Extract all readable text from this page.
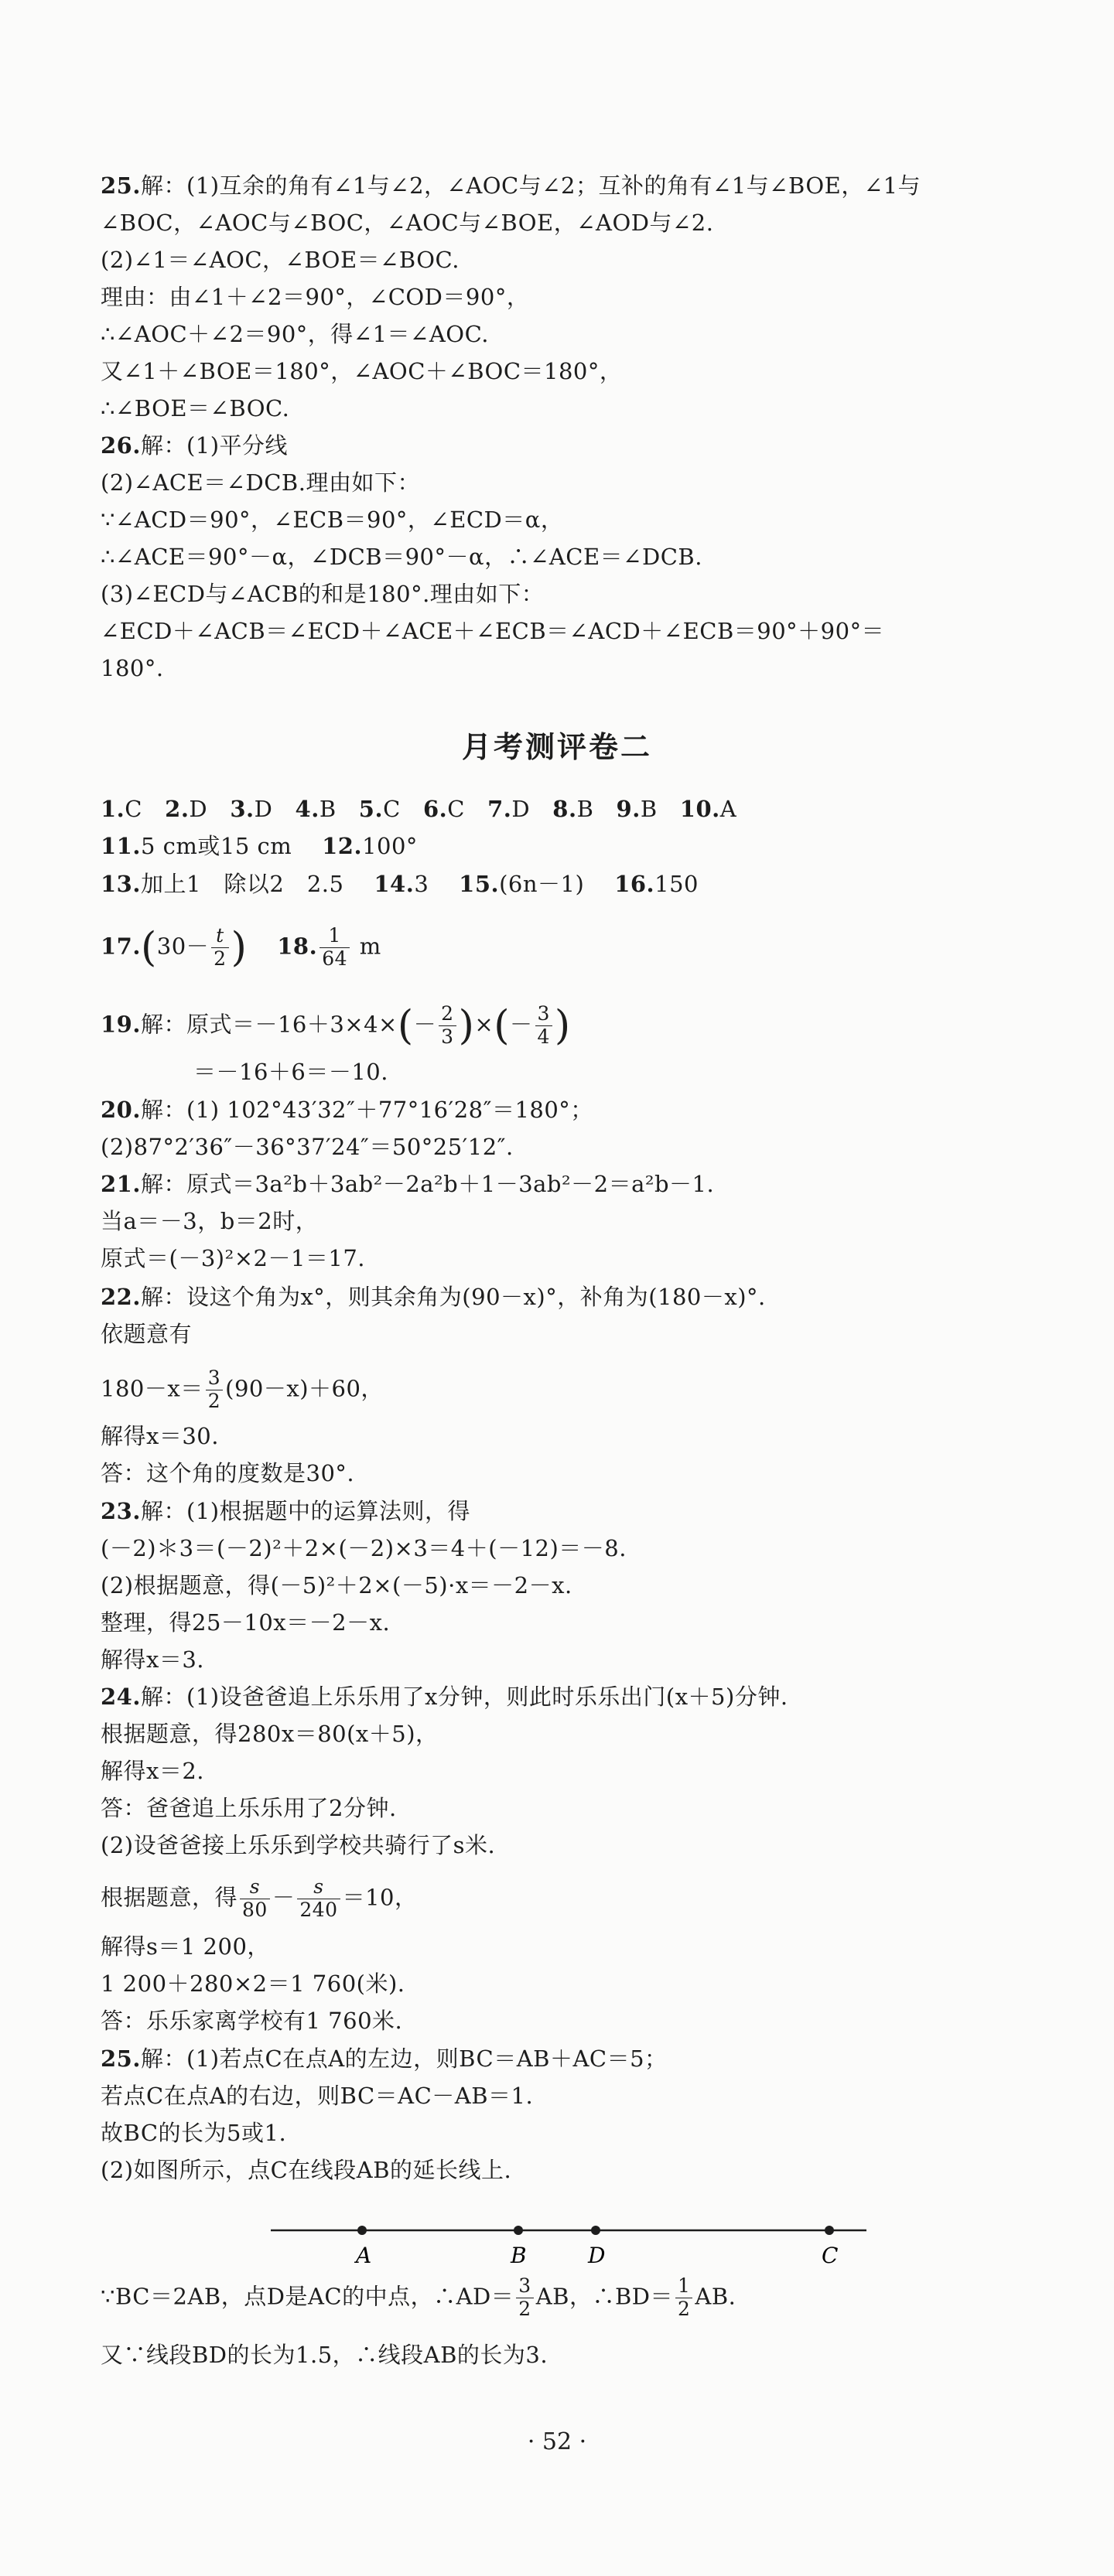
25.解：(1)互余的角有∠1与∠2，∠AOC与∠2；互补的角有∠1与∠BOE，∠1与
∠BOC，∠AOC与∠BOC，∠AOC与∠BOE，∠AOD与∠2.
(2)∠1＝∠AOC，∠BOE＝∠BOC.
理由：由∠1＋∠2＝90°，∠COD＝90°，
∴∠AOC＋∠2＝90°，得∠1＝∠AOC.
又∠1＋∠BOE＝180°，∠AOC＋∠BOC＝180°，
∴∠BOE＝∠BOC.
26.解：(1)平分线
(2)∠ACE＝∠DCB.理由如下：
∵∠ACD＝90°，∠ECB＝90°，∠ECD＝α，
∴∠ACE＝90°－α，∠DCB＝90°－α，∴∠ACE＝∠DCB.
(3)∠ECD与∠ACB的和是180°.理由如下：
∠ECD＋∠ACB＝∠ECD＋∠ACE＋∠ECB＝∠ACD＋∠ECB＝90°＋90°＝
180°.
月考测评卷二
1.C 2.D 3.D 4.B 5.C 6.C 7.D 8.B 9.B 10.A
11.5 cm或15 cm 12.100°
13.加上1　除以2　2.5 14.3 15.(6n－1) 16.150
$17.(30- \frac{t}{2}$ ) 18. $\frac{1}{64}$ m
19.解：原式$=-16+3\times 4\times(- \frac{2}{3}$ )×(－ $\frac{3}{4}$ )
＝－16＋6＝－10.
20.解：(1) 102°43′32″＋77°16′28″＝180°；
(2)87°2′36″－36°37′24″＝50°25′12″.
21.解：原式＝3a²b＋3ab²－2a²b＋1－3ab²－2＝a²b－1.
当a＝－3，b＝2时，
原式＝(－3)²×2－1＝17.
22.解：设这个角为x°，则其余角为(90－x)°，补角为(180－x)°.
依题意有
$180-x= \frac{3}{2} (90-x)+60$，
解得x＝30.
答：这个角的度数是30°.
23.解：(1)根据题中的运算法则，得
(－2)＊3＝(－2)²＋2×(－2)×3＝4＋(－12)＝－8.
(2)根据题意，得(－5)²＋2×(－5)·x＝－2－x.
整理，得25－10x＝－2－x.
解得x＝3.
24.解：(1)设爸爸追上乐乐用了x分钟，则此时乐乐出门(x＋5)分钟.
根据题意，得280x＝80(x＋5)，
解得x＝2.
答：爸爸追上乐乐用了2分钟.
(2)设爸爸接上乐乐到学校共骑行了s米.
根据题意，得 $\frac{s}{80} - \frac{s}{240} =10$，
解得s＝1 200，
1 200＋280×2＝1 760(米).
答：乐乐家离学校有1 760米.
25.解：(1)若点C在点A的左边，则BC＝AB＋AC＝5；
若点C在点A的右边，则BC＝AC－AB＝1.
故BC的长为5或1.
(2)如图所示，点C在线段AB的延长线上.
A	B	D	C
∵BC＝2AB，点D是AC的中点，∴AD＝ $\frac{3}{2}$ AB，∴BD＝ $\frac{1}{2}$ AB.
又∵线段BD的长为1.5，∴线段AB的长为3.
· 52 ·
